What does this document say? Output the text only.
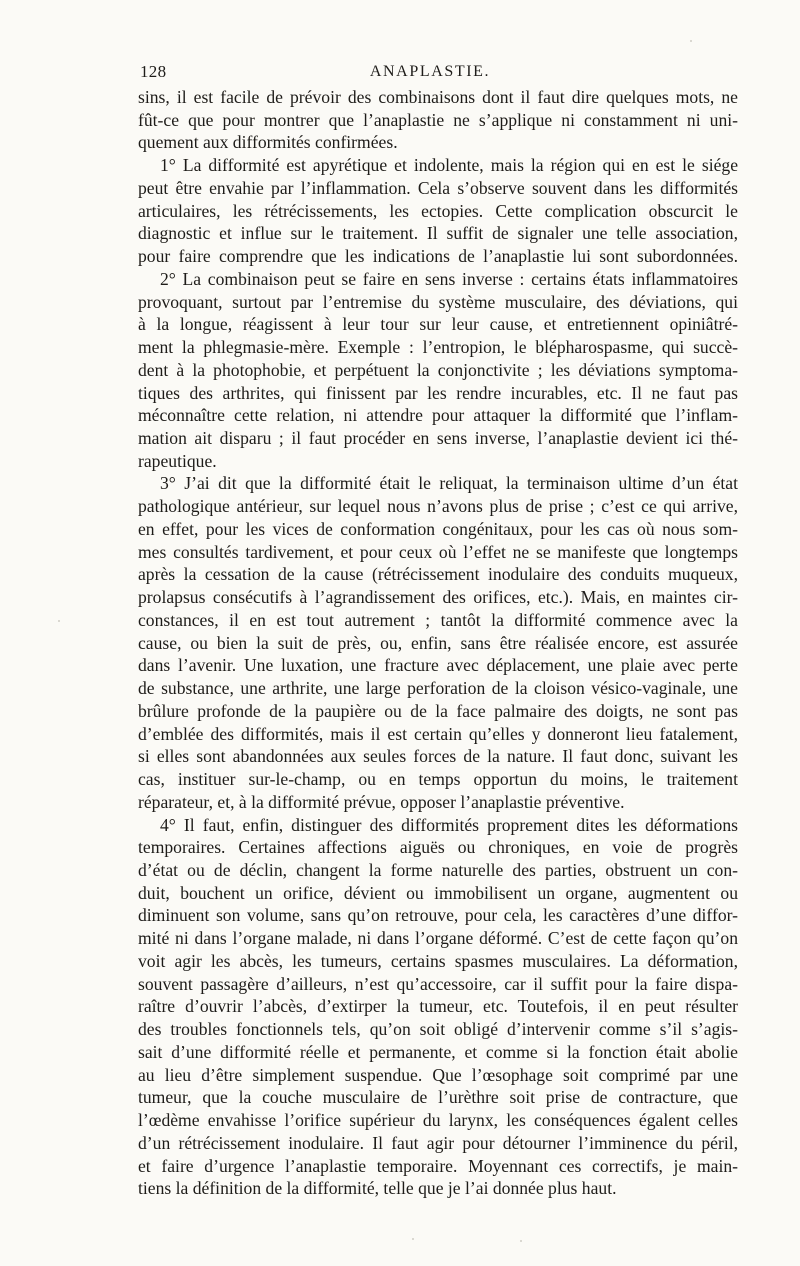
128	ANAPLASTIE.
sins, il est facile de prévoir des combinaisons dont il faut dire quelques mots, ne
fût-ce que pour montrer que l’anaplastie ne s’applique ni constamment ni uni-
quement aux difformités confirmées.
1° La difformité est apyrétique et indolente, mais la région qui en est le siége
peut être envahie par l’inflammation. Cela s’observe souvent dans les difformités
articulaires, les rétrécissements, les ectopies. Cette complication obscurcit le
diagnostic et influe sur le traitement. Il suffit de signaler une telle association,
pour faire comprendre que les indications de l’anaplastie lui sont subordonnées.
2° La combinaison peut se faire en sens inverse : certains états inflammatoires
provoquant, surtout par l’entremise du système musculaire, des déviations, qui
à la longue, réagissent à leur tour sur leur cause, et entretiennent opiniâtré-
ment la phlegmasie-mère. Exemple : l’entropion, le blépharospasme, qui succè-
dent à la photophobie, et perpétuent la conjonctivite ; les déviations symptoma-
tiques des arthrites, qui finissent par les rendre incurables, etc. Il ne faut pas
méconnaître cette relation, ni attendre pour attaquer la difformité que l’inflam-
mation ait disparu ; il faut procéder en sens inverse, l’anaplastie devient ici thé-
rapeutique.
3° J’ai dit que la difformité était le reliquat, la terminaison ultime d’un état
pathologique antérieur, sur lequel nous n’avons plus de prise ; c’est ce qui arrive,
en effet, pour les vices de conformation congénitaux, pour les cas où nous som-
mes consultés tardivement, et pour ceux où l’effet ne se manifeste que longtemps
après la cessation de la cause (rétrécissement inodulaire des conduits muqueux,
prolapsus consécutifs à l’agrandissement des orifices, etc.). Mais, en maintes cir-
constances, il en est tout autrement ; tantôt la difformité commence avec la
cause, ou bien la suit de près, ou, enfin, sans être réalisée encore, est assurée
dans l’avenir. Une luxation, une fracture avec déplacement, une plaie avec perte
de substance, une arthrite, une large perforation de la cloison vésico-vaginale, une
brûlure profonde de la paupière ou de la face palmaire des doigts, ne sont pas
d’emblée des difformités, mais il est certain qu’elles y donneront lieu fatalement,
si elles sont abandonnées aux seules forces de la nature. Il faut donc, suivant les
cas, instituer sur-le-champ, ou en temps opportun du moins, le traitement
réparateur, et, à la difformité prévue, opposer l’anaplastie préventive.
4° Il faut, enfin, distinguer des difformités proprement dites les déformations
temporaires. Certaines affections aiguës ou chroniques, en voie de progrès
d’état ou de déclin, changent la forme naturelle des parties, obstruent un con-
duit, bouchent un orifice, dévient ou immobilisent un organe, augmentent ou
diminuent son volume, sans qu’on retrouve, pour cela, les caractères d’une diffor-
mité ni dans l’organe malade, ni dans l’organe déformé. C’est de cette façon qu’on
voit agir les abcès, les tumeurs, certains spasmes musculaires. La déformation,
souvent passagère d’ailleurs, n’est qu’accessoire, car il suffit pour la faire dispa-
raître d’ouvrir l’abcès, d’extirper la tumeur, etc. Toutefois, il en peut résulter
des troubles fonctionnels tels, qu’on soit obligé d’intervenir comme s’il s’agis-
sait d’une difformité réelle et permanente, et comme si la fonction était abolie
au lieu d’être simplement suspendue. Que l’œsophage soit comprimé par une
tumeur, que la couche musculaire de l’urèthre soit prise de contracture, que
l’œdème envahisse l’orifice supérieur du larynx, les conséquences égalent celles
d’un rétrécissement inodulaire. Il faut agir pour détourner l’imminence du péril,
et faire d’urgence l’anaplastie temporaire. Moyennant ces correctifs, je main-
tiens la définition de la difformité, telle que je l’ai donnée plus haut.
